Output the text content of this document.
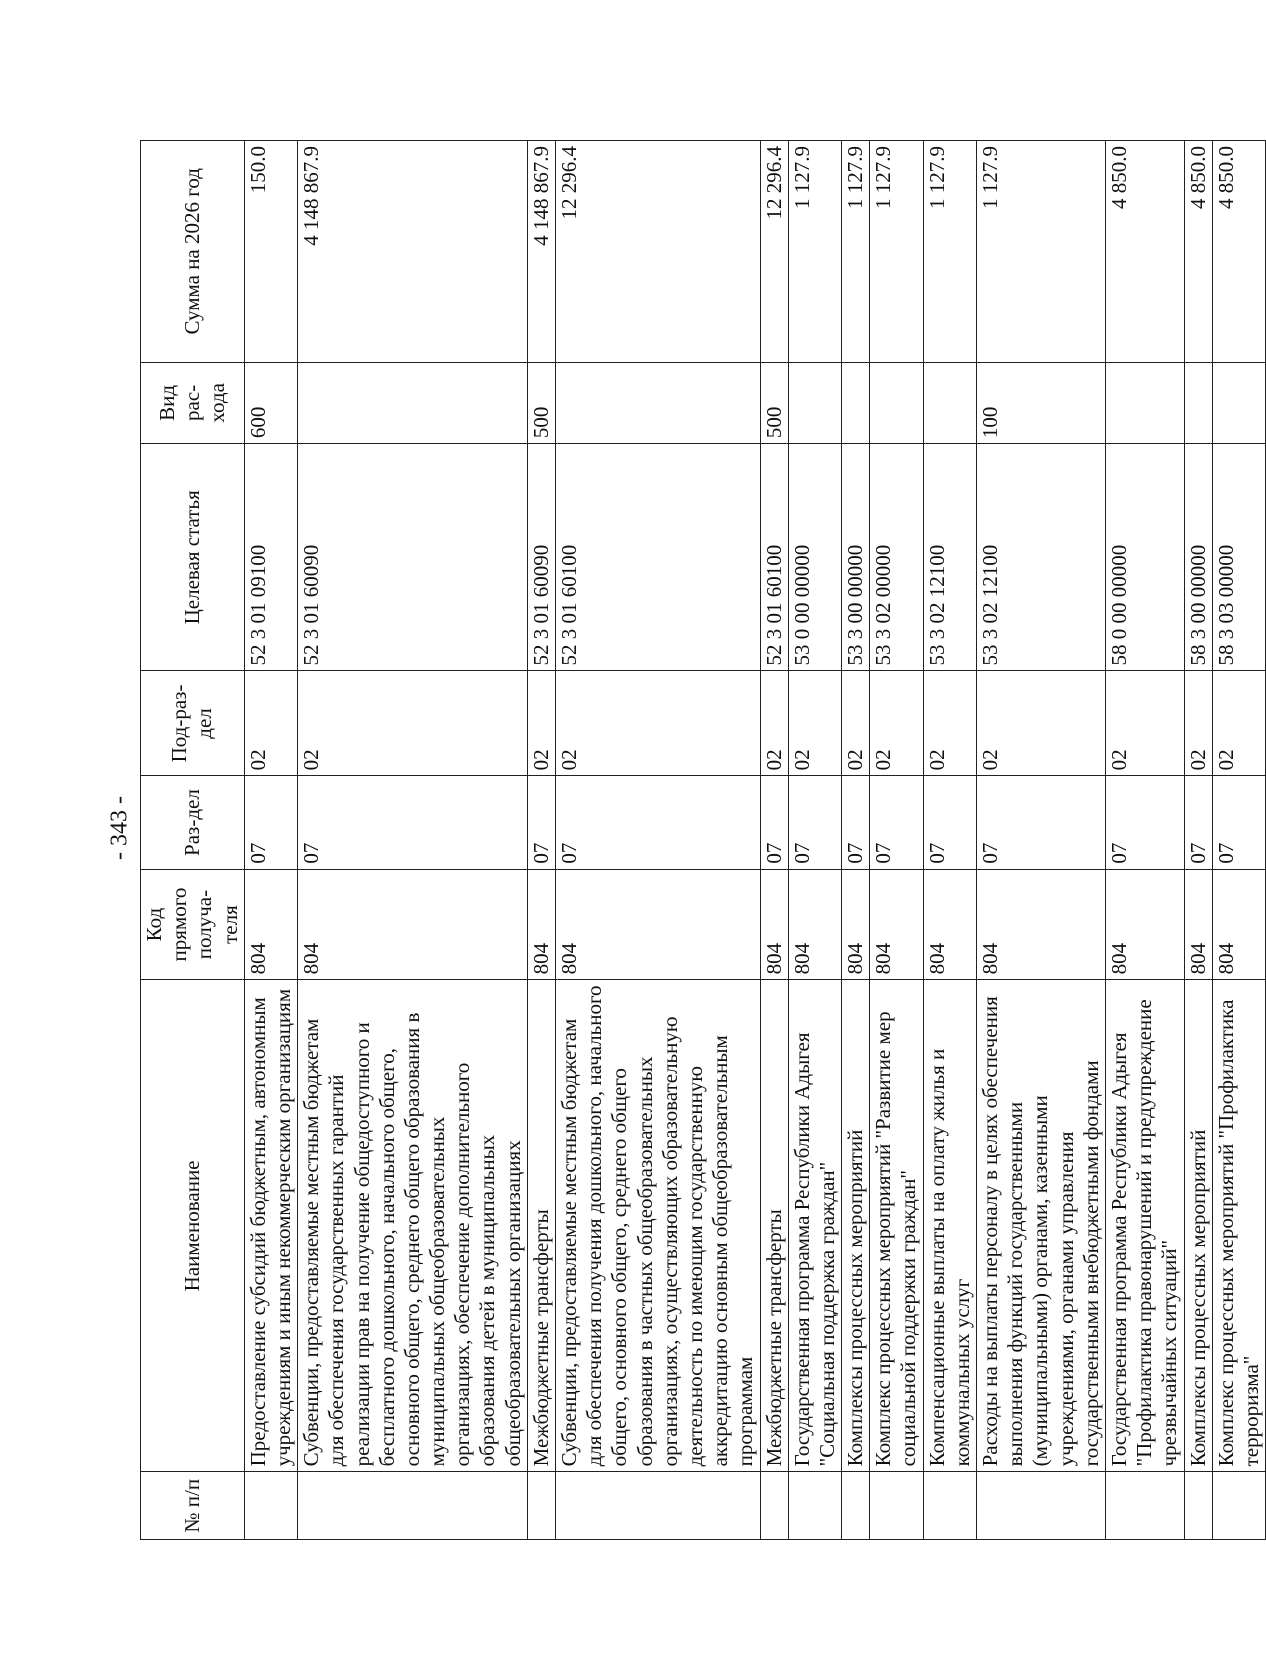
- 343 -
№ п/п	Наименование	Код прямого получа-теля	Раз-дел	Под-раз-дел	Целевая статья	Вид рас-хода	Сумма на 2026 год
	Предоставление субсидий бюджетным, автономным учреждениям и иным некоммерческим организациям	804	07	02	52 3 01 09100	600	150.0
	Субвенции, предоставляемые местным бюджетам для обеспечения государственных гарантий реализации прав на получение общедоступного и бесплатного дошкольного, начального общего, основного общего, среднего общего образования в муниципальных общеобразовательных организациях, обеспечение дополнительного образования детей в муниципальных общеобразовательных организациях	804	07	02	52 3 01 60090		4 148 867.9
	Межбюджетные трансферты	804	07	02	52 3 01 60090	500	4 148 867.9
	Субвенции, предоставляемые местным бюджетам для обеспечения получения дошкольного, начального общего, основного общего, среднего общего образования в частных общеобразовательных организациях, осуществляющих образовательную деятельность по имеющим государственную аккредитацию основным общеобразовательным программам	804	07	02	52 3 01 60100		12 296.4
	Межбюджетные трансферты	804	07	02	52 3 01 60100	500	12 296.4
	Государственная программа Республики Адыгея "Социальная поддержка граждан"	804	07	02	53 0 00 00000		1 127.9
	Комплексы процессных мероприятий	804	07	02	53 3 00 00000		1 127.9
	Комплекс процессных мероприятий "Развитие мер социальной поддержки граждан"	804	07	02	53 3 02 00000		1 127.9
	Компенсационные выплаты на оплату жилья и коммунальных услуг	804	07	02	53 3 02 12100		1 127.9
	Расходы на выплаты персоналу в целях обеспечения выполнения функций государственными (муниципальными) органами, казенными учреждениями, органами управления государственными внебюджетными фондами	804	07	02	53 3 02 12100	100	1 127.9
	Государственная программа Республики Адыгея "Профилактика правонарушений и предупреждение чрезвычайных ситуаций"	804	07	02	58 0 00 00000		4 850.0
	Комплексы процессных мероприятий	804	07	02	58 3 00 00000		4 850.0
	Комплекс процессных мероприятий "Профилактика терроризма"	804	07	02	58 3 03 00000		4 850.0
